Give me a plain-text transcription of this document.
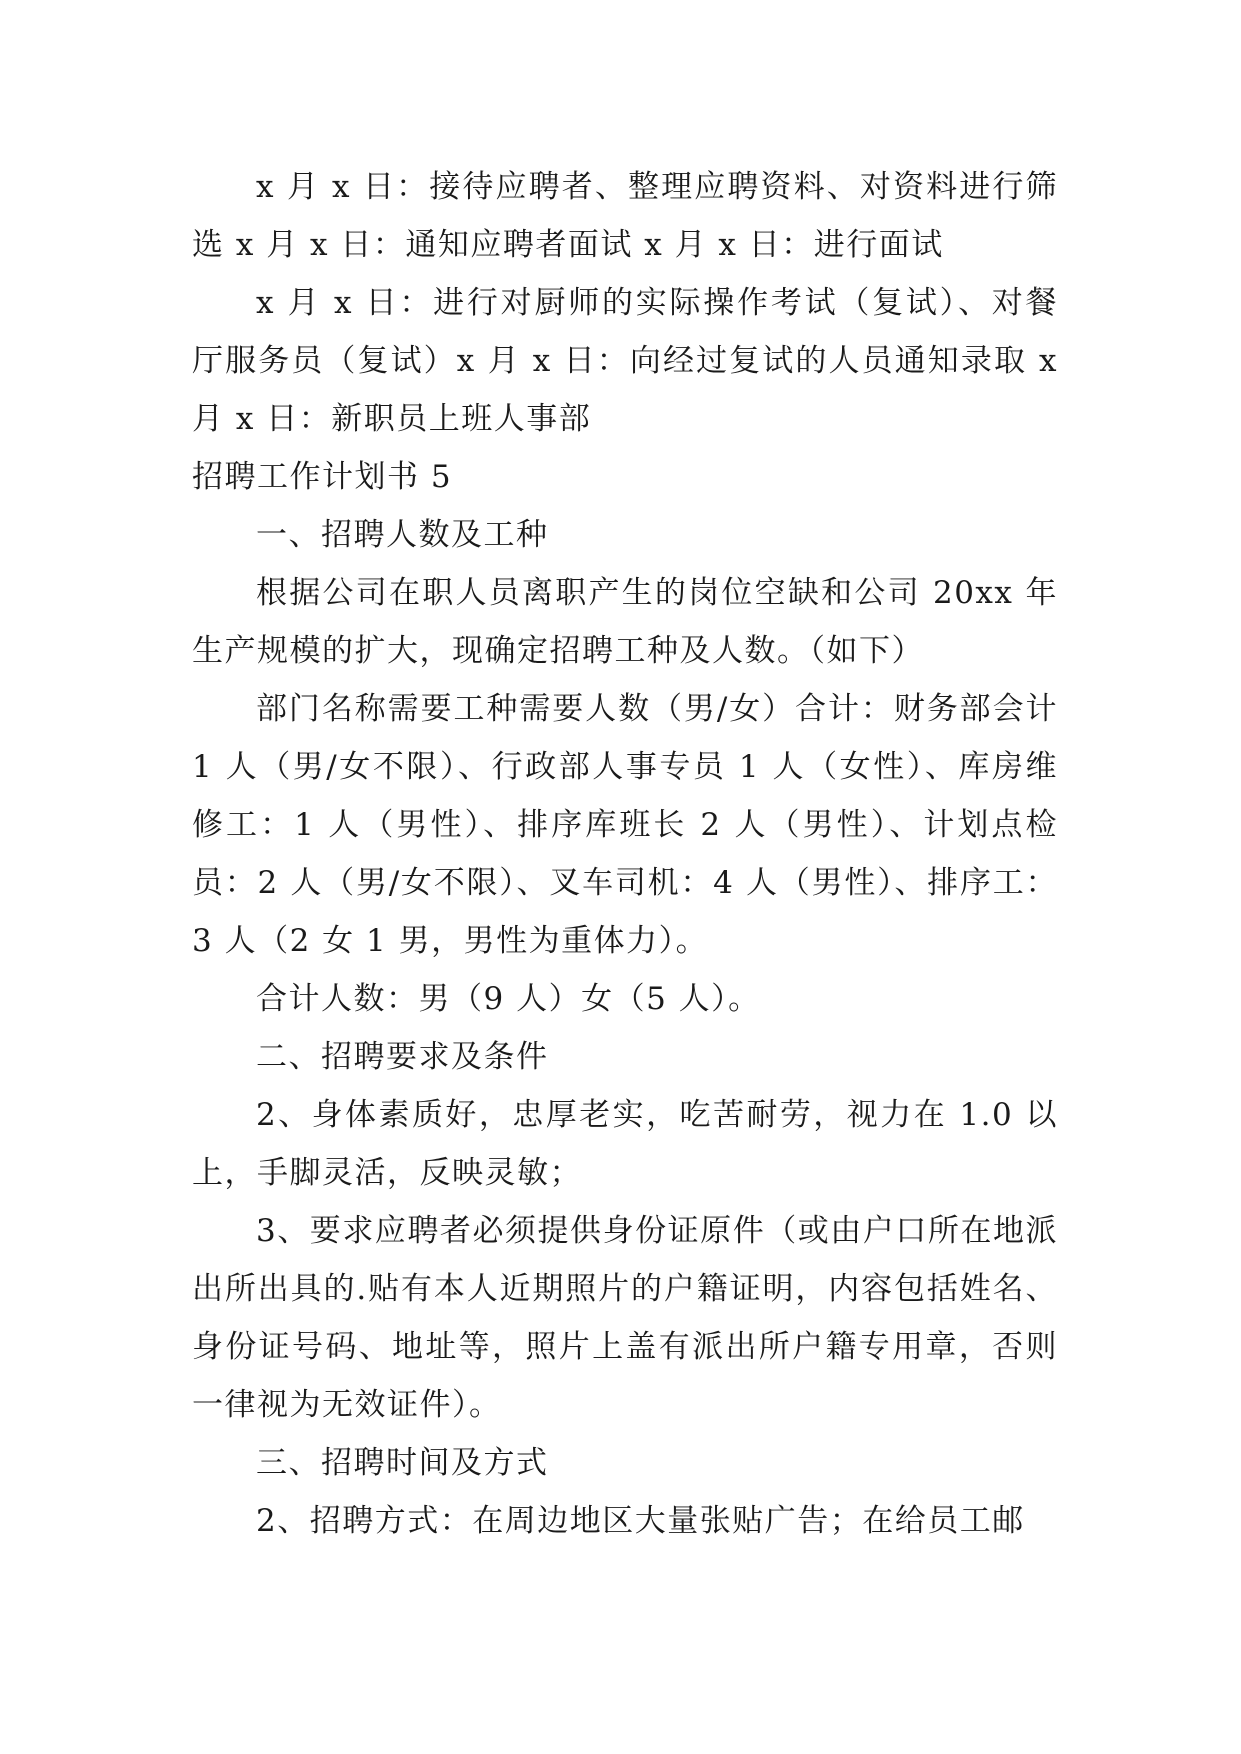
x 月 x 日：接待应聘者、整理应聘资料、对资料进行筛选 x 月 x 日：通知应聘者面试 x 月 x 日：进行面试

x 月 x 日：进行对厨师的实际操作考试（复试）、对餐厅服务员（复试）x 月 x 日：向经过复试的人员通知录取 x 月 x 日：新职员上班人事部

招聘工作计划书 5

一、招聘人数及工种

根据公司在职人员离职产生的岗位空缺和公司 20xx 年生产规模的扩大，现确定招聘工种及人数。（如下）

部门名称需要工种需要人数（男/女）合计：财务部会计 1 人（男/女不限）、行政部人事专员 1 人（女性）、库房维修工：1 人（男性）、排序库班长 2 人（男性）、计划点检员：2 人（男/女不限）、叉车司机：4 人（男性）、排序工：3 人（2 女 1 男，男性为重体力）。

合计人数：男（9 人）女（5 人）。

二、招聘要求及条件

2、身体素质好，忠厚老实，吃苦耐劳，视力在 1.0 以上，手脚灵活，反映灵敏；

3、要求应聘者必须提供身份证原件（或由户口所在地派出所出具的.贴有本人近期照片的户籍证明，内容包括姓名、身份证号码、地址等，照片上盖有派出所户籍专用章，否则一律视为无效证件）。

三、招聘时间及方式

2、招聘方式：在周边地区大量张贴广告；在给员工邮
